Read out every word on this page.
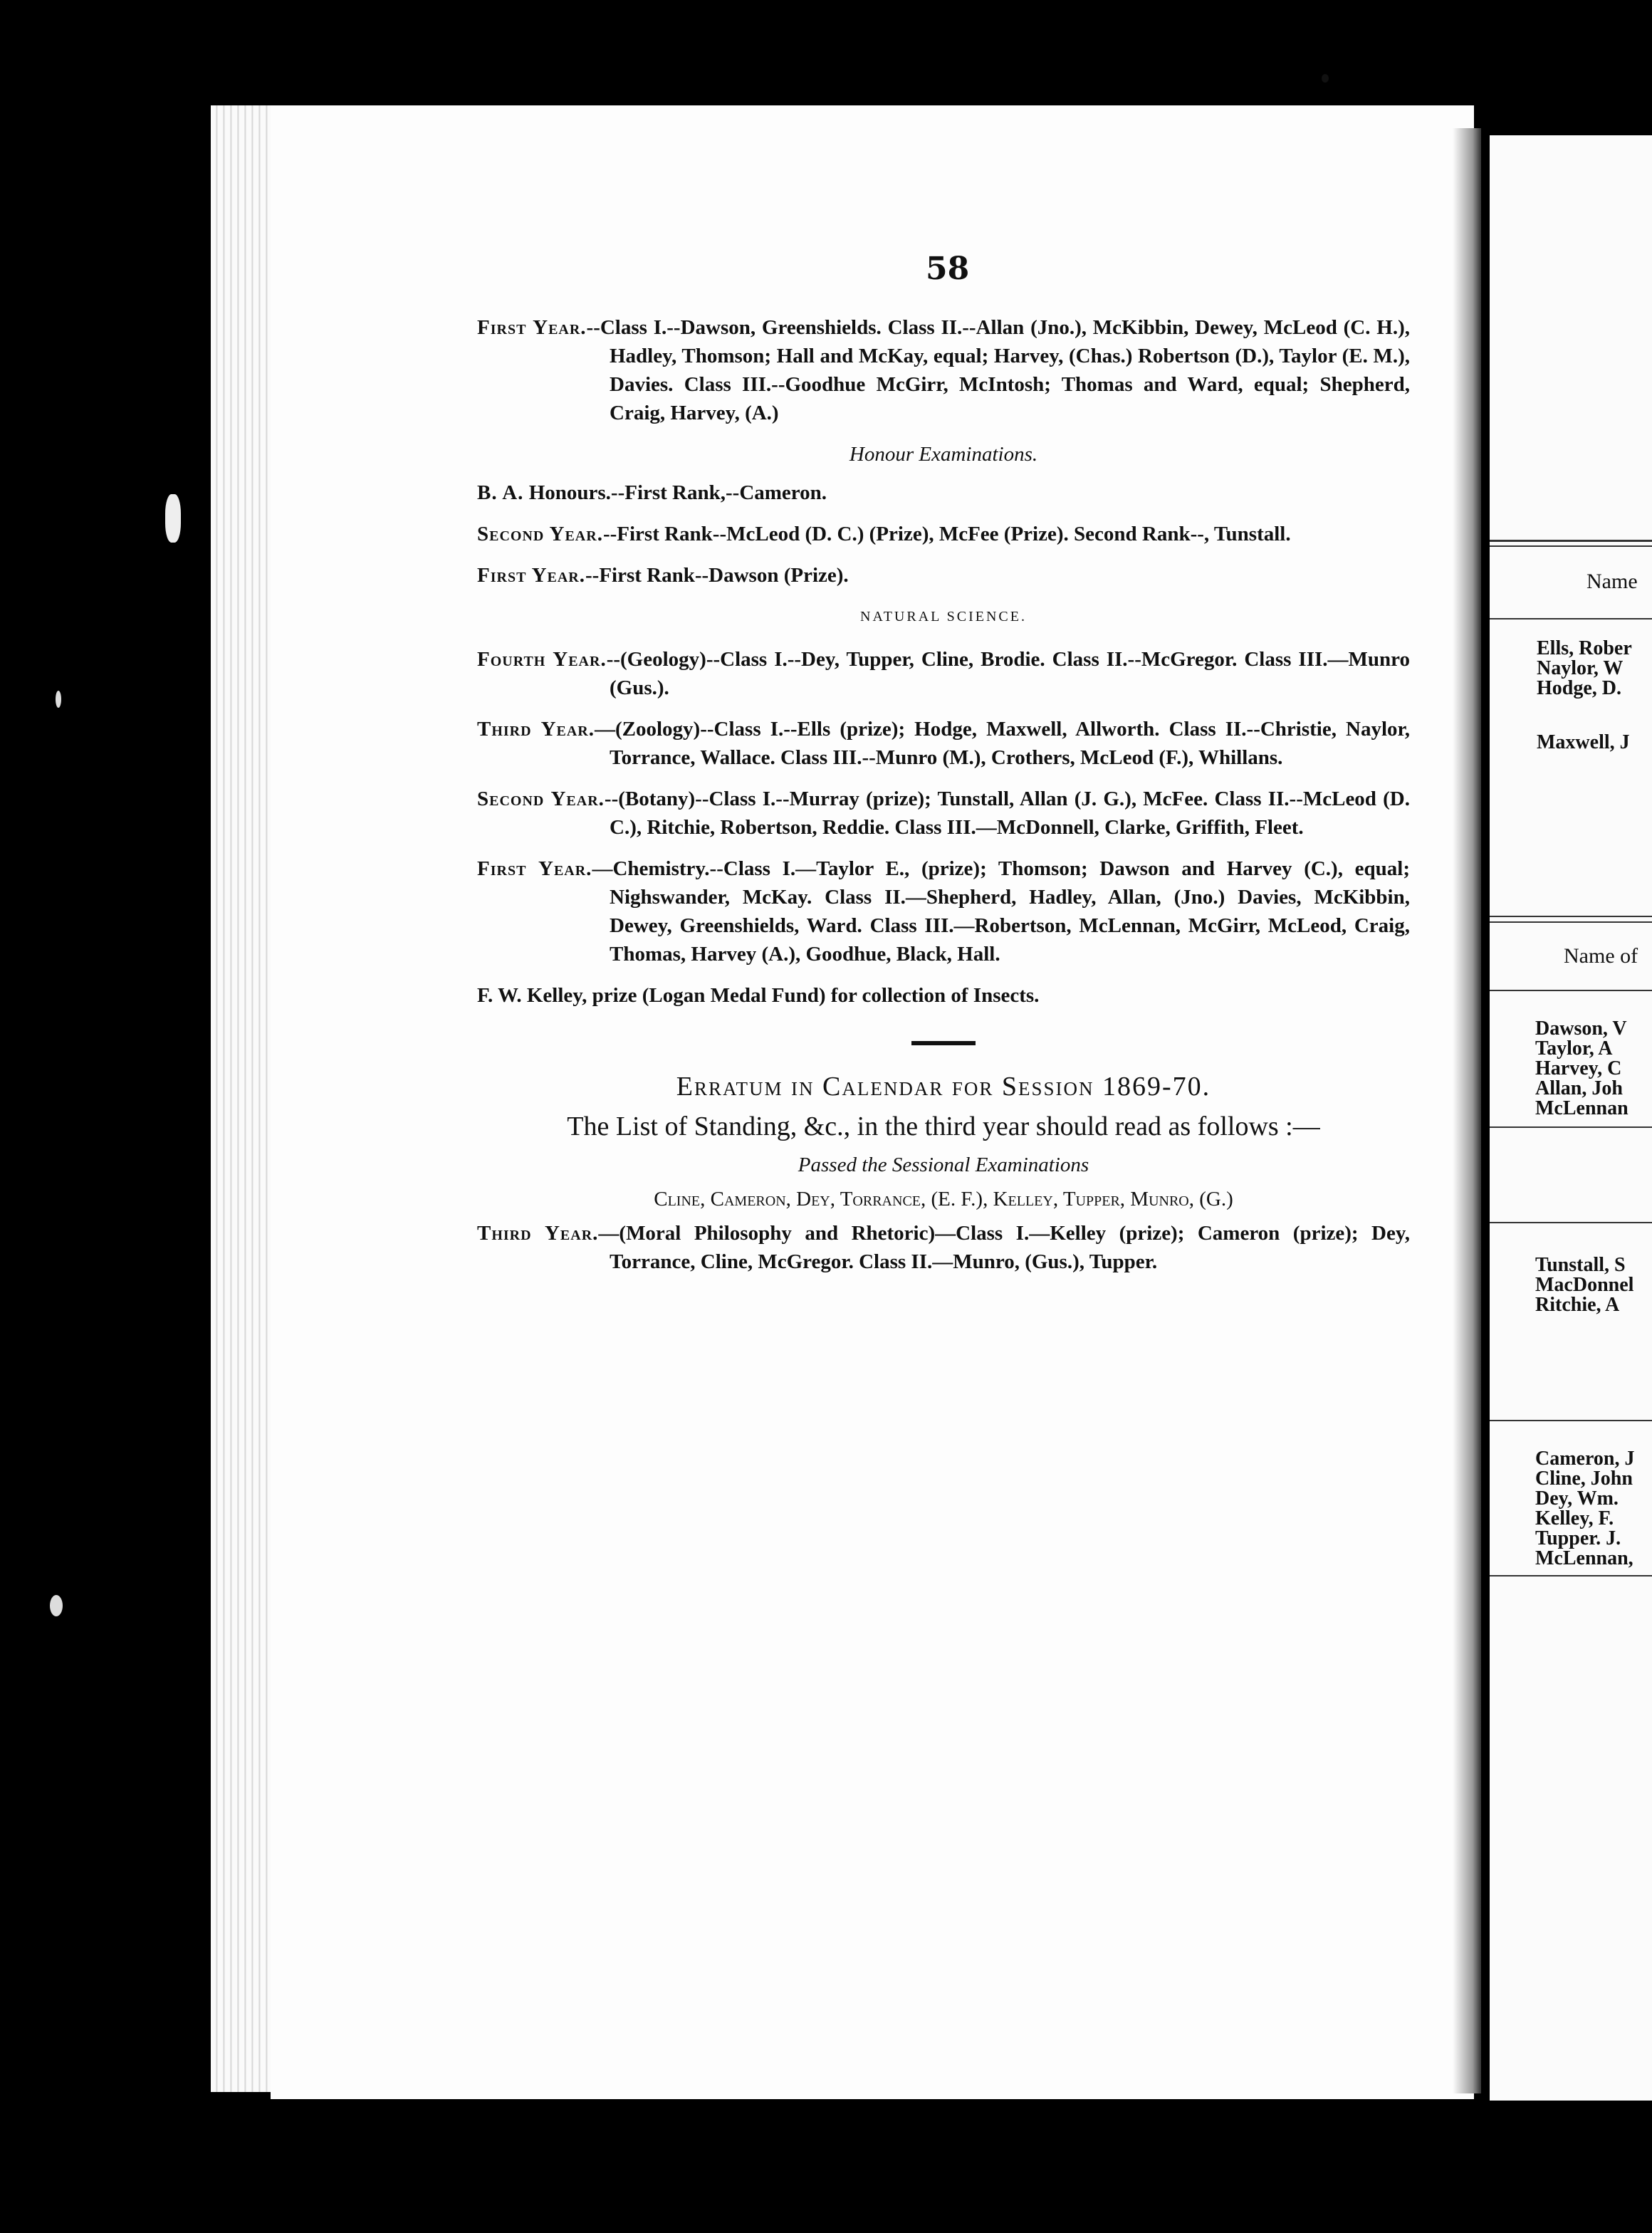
58
First Year.--Class I.--Dawson, Greenshields. Class II.--Allan (Jno.), McKibbin, Dewey, McLeod (C. H.), Hadley, Thomson; Hall and McKay, equal; Harvey, (Chas.) Robertson (D.), Taylor (E. M.), Davies. Class III.--Goodhue McGirr, McIntosh; Thomas and Ward, equal; Shepherd, Craig, Harvey, (A.)
Honour Examinations.
B. A. Honours.--First Rank,--Cameron.
Second Year.--First Rank--McLeod (D. C.) (Prize), McFee (Prize). Second Rank--, Tunstall.
First Year.--First Rank--Dawson (Prize).
NATURAL SCIENCE.
Fourth Year.--(Geology)--Class I.--Dey, Tupper, Cline, Brodie. Class II.--McGregor. Class III.—Munro (Gus.).
Third Year.—(Zoology)--Class I.--Ells (prize); Hodge, Maxwell, Allworth. Class II.--Christie, Naylor, Torrance, Wallace. Class III.--Munro (M.), Crothers, McLeod (F.), Whillans.
Second Year.--(Botany)--Class I.--Murray (prize); Tunstall, Allan (J. G.), McFee. Class II.--McLeod (D. C.), Ritchie, Robertson, Reddie. Class III.—McDonnell, Clarke, Griffith, Fleet.
First Year.—Chemistry.--Class I.—Taylor E., (prize); Thomson; Dawson and Harvey (C.), equal; Nighswander, McKay. Class II.—Shepherd, Hadley, Allan, (Jno.) Davies, McKibbin, Dewey, Greenshields, Ward. Class III.—Robertson, McLennan, McGirr, McLeod, Craig, Thomas, Harvey (A.), Goodhue, Black, Hall.
F. W. Kelley, prize (Logan Medal Fund) for collection of Insects.
Erratum in Calendar for Session 1869-70.
The List of Standing, &c., in the third year should read as follows :—
Passed the Sessional Examinations
Cline, Cameron, Dey, Torrance, (E. F.), Kelley, Tupper, Munro, (G.)
Third Year.—(Moral Philosophy and Rhetoric)—Class I.—Kelley (prize); Cameron (prize); Dey, Torrance, Cline, McGregor. Class II.—Munro, (Gus.), Tupper.
Name
Ells, Rober
Naylor, W
Hodge, D.
Maxwell, J
Name of
Dawson, V
Taylor, A
Harvey, C
Allan, Joh
McLennan
Tunstall, S
MacDonnel
Ritchie, A
Cameron, J
Cline, John
Dey, Wm.
Kelley, F.
Tupper. J.
McLennan,
